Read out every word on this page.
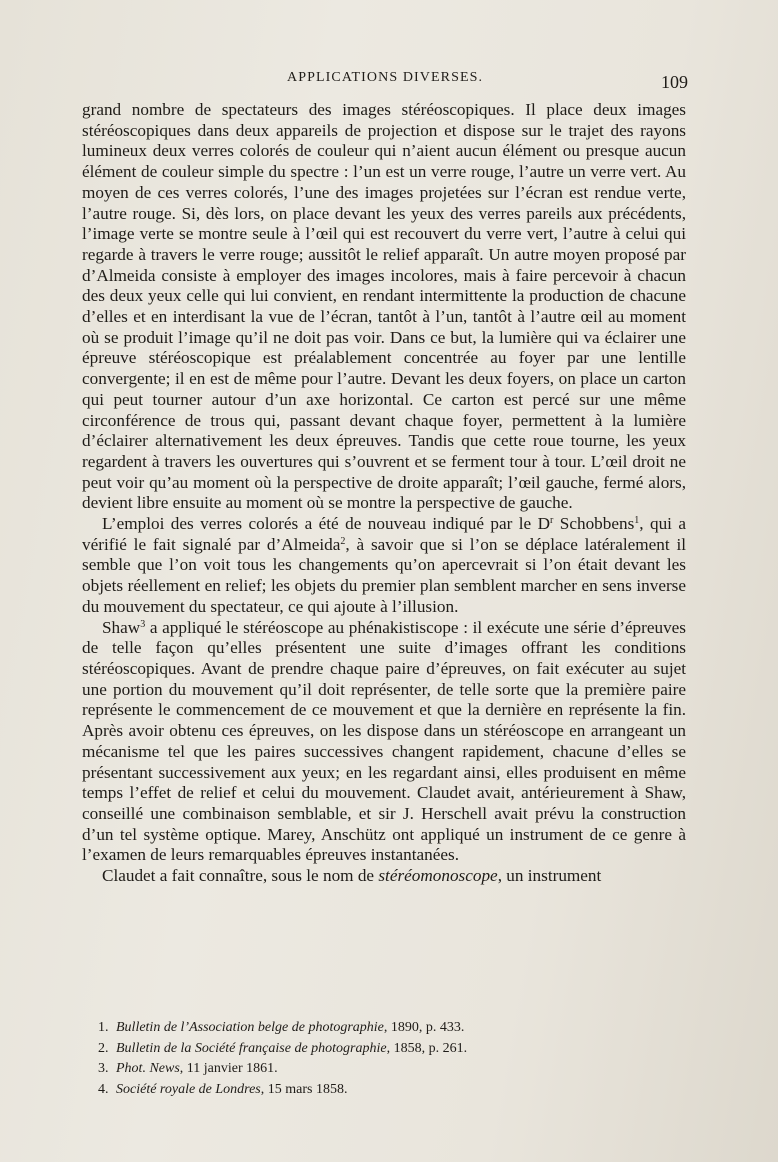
APPLICATIONS DIVERSES.	109

grand nombre de spectateurs des images stéréoscopiques. Il place deux images stéréoscopiques dans deux appareils de projection et dispose sur le trajet des rayons lumineux deux verres colorés de couleur qui n’aient aucun élément ou presque aucun élément de couleur simple du spectre : l’un est un verre rouge, l’autre un verre vert. Au moyen de ces verres colorés, l’une des images projetées sur l’écran est rendue verte, l’autre rouge. Si, dès lors, on place devant les yeux des verres pareils aux précédents, l’image verte se montre seule à l’œil qui est recouvert du verre vert, l’autre à celui qui regarde à travers le verre rouge; aussitôt le relief apparaît. Un autre moyen proposé par d’Almeida consiste à employer des images incolores, mais à faire percevoir à chacun des deux yeux celle qui lui convient, en rendant intermittente la production de chacune d’elles et en interdisant la vue de l’écran, tantôt à l’un, tantôt à l’autre œil au moment où se produit l’image qu’il ne doit pas voir. Dans ce but, la lumière qui va éclairer une épreuve stéréoscopique est préalablement concentrée au foyer par une lentille convergente; il en est de même pour l’autre. Devant les deux foyers, on place un carton qui peut tourner autour d’un axe horizontal. Ce carton est percé sur une même circonférence de trous qui, passant devant chaque foyer, permettent à la lumière d’éclairer alternativement les deux épreuves. Tandis que cette roue tourne, les yeux regardent à travers les ouvertures qui s’ouvrent et se ferment tour à tour. L’œil droit ne peut voir qu’au moment où la perspective de droite apparaît; l’œil gauche, fermé alors, devient libre ensuite au moment où se montre la perspective de gauche.

L’emploi des verres colorés a été de nouveau indiqué par le $D^r$ Schobbens$^1$, qui a vérifié le fait signalé par d’Almeida$^2$, à savoir que si l’on se déplace latéralement il semble que l’on voit tous les changements qu’on apercevrait si l’on était devant les objets réellement en relief; les objets du premier plan semblent marcher en sens inverse du mouvement du spectateur, ce qui ajoute à l’illusion.

Shaw$^3$ a appliqué le stéréoscope au phénakistiscope : il exécute une série d’épreuves de telle façon qu’elles présentent une suite d’images offrant les conditions stéréoscopiques. Avant de prendre chaque paire d’épreuves, on fait exécuter au sujet une portion du mouvement qu’il doit représenter, de telle sorte que la première paire représente le commencement de ce mouvement et que la dernière en représente la fin. Après avoir obtenu ces épreuves, on les dispose dans un stéréoscope en arrangeant un mécanisme tel que les paires successives changent rapidement, chacune d’elles se présentant successivement aux yeux; en les regardant ainsi, elles produisent en même temps l’effet de relief et celui du mouvement. Claudet avait, antérieurement à Shaw, conseillé une combinaison semblable, et sir J. Herschell avait prévu la construction d’un tel système optique. Marey, Anschütz ont appliqué un instrument de ce genre à l’examen de leurs remarquables épreuves instantanées.

Claudet a fait connaître, sous le nom de stéréomonoscope, un instrument

1. Bulletin de l’Association belge de photographie, 1890, p. 433.
2. Bulletin de la Société française de photographie, 1858, p. 261.
3. Phot. News, 11 janvier 1861.
4. Société royale de Londres, 15 mars 1858.
